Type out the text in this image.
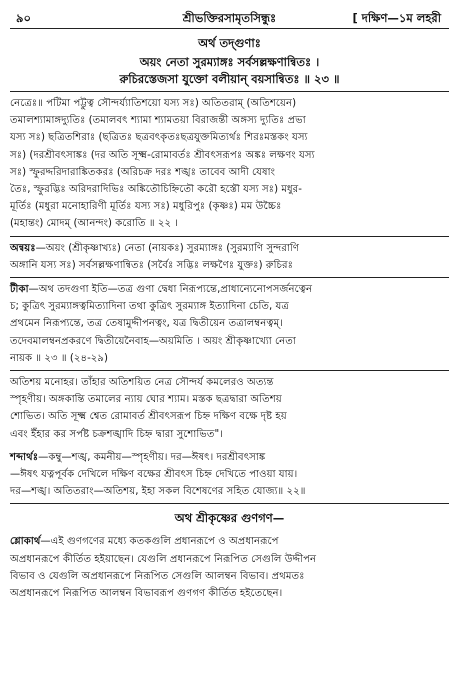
৯০	শ্রীভক্তিরসামৃতসিন্ধুঃ	[ দক্ষিণ—১ম লহরী
অর্থ তদ্‌গুণাঃ
অয়ং নেতা সুরম্যাঙ্গঃ সর্বসল্লক্ষণান্বিতঃ ।
রুচিরস্তেজসা যুক্তো বলীয়ান্ বয়সান্বিতঃ ॥ ২৩ ॥

নেত্রেঃ॥ পটিমা পট্টুত্ব সৌন্দর্য্যাতিশয়ো যস্য সঃ) অতিতরাম্ (অতিশয়েন)

তমালশ্যামাঙ্গদ্যুতিঃ (তমালবৎ শ্যামা শ্যামতয়া বিরাজন্তী অঙ্গস্য দ্যুতিঃ প্রভা

যস্য সঃ) ছত্রিতশিরাঃ (ছত্রিতঃ ছত্রবৎকৃতঃছত্রযুক্তমিত্যর্থঃ শিরঃমস্তকং যস্য

সঃ) (দরশ্রীবৎসাঙ্কঃ (দর অতি সূক্ষ্ম-রোমাবর্তঃ শ্রীবৎসরূপঃ অঙ্কঃ লক্ষণং যস্য

সঃ) স্ফুরদ্দরিদারাঙ্কিতকরঃ (অরিচক্র দরঃ শঙ্খঃ তাবেব আদী যেষাং

তৈঃ, স্ফুরদ্ভিঃ অরিদরাদিভিঃ অঙ্কিতৌচিহ্নিতৌ করৌ হস্তৌ যস্য সঃ) মধুর-

মূর্তিঃ (মধুরা মনোহারিণী মূর্তিঃ যস্য সঃ) মধুরিপুঃ (কৃষ্ণঃ) মম উচ্চৈঃ

(মহান্তং) মোদম্ (আনন্দং) করোতি ॥ ২২ ।

অন্বয়ঃ—অয়ং (শ্রীকৃষ্ণাখ্যঃ) নেতা (নায়কঃ) সুরম্যাঙ্গঃ (সুরম্যাণি সুন্দরাণি

অঙ্গানি যস্য সঃ) সর্বসল্লক্ষণান্বিতঃ (সর্বৈঃ সদ্ভিঃ লক্ষণৈঃ যুক্তঃ) রুচিরঃ

টীকা—অথ তদগুণা ইতি—তত্র গুণা দ্বেধা নিরূপ্যন্তে,প্রাধান্যেনোপসর্জনত্বেন

চ; কুত্রিৎ সুরম্যাঙ্গত্বমিত্যাদিনা তথা কুত্রিৎ সুরম্যাঙ্গ ইত্যাদিনা চেতি, যত্র

প্রথমেন নিরূপ্যন্তে, তত্র তেষামুদ্দীপনত্বং, যত্র দ্বিতীয়েন তত্রালম্বনত্বম্।

তদেবমালম্বনপ্রকরণে দ্বিতীয়েনৈবাহ—অয়মিতি । অয়ং শ্রীকৃষ্ণাখ্যো নেতা

নায়ক ॥ ২৩ ॥ (২৪-২৯)

অতিশয় মনোহর। তাঁহার অতিশয়িত নেত্র সৌন্দর্য কমলেরও অত্যন্ত

স্পৃহণীয়। অঙ্গকান্তি তমালের ন্যায় ঘোর শ্যাম। মস্তক ছত্রদ্বারা অতিশয়

শোভিত। অতি সূক্ষ্ম শ্বেত রোমাবর্ত শ্রীবৎসরূপ চিহ্ন দক্ষিণ বক্ষে দৃষ্ট হয়

এবং ইঁহার কর সর্পষ্ট চক্রশঙ্খাদি চিহ্ন দ্বারা সুশোভিত"।

শব্দার্থঃ—কম্বু—শঙ্খ, কমনীয়—স্পৃহণীয়। দর—ঈষৎ। দরশ্রীবৎসাঙ্ক

—ঈষৎ যত্নপূর্বক দেখিলে দক্ষিণ বক্ষের শ্রীবৎস চিহ্ন দেখিতে পাওয়া যায়।

দর—শঙ্খ। অতিতরাং—অতিশয়, ইহা সকল বিশেষণের সহিত যোজ্য॥ ২২॥

অথ শ্রীকৃষ্ণের গুণগণ—

শ্লোকার্থ—এই গুণগণের মধ্যে কতকগুলি প্রধানরূপে ও অপ্রধানরূপে

অপ্রধানরূপে কীর্তিত হইয়াছেন। যেগুলি প্রধানরূপে নিরূপিত সেগুলি উদ্দীপন

বিভাব ও যেগুলি অপ্রধানরূপে নিরূপিত সেগুলি আলম্বন বিভাব। প্রথমতঃ

অপ্রধানরূপে নিরূপিত আলম্বন বিভাবরূপ গুণগণ কীর্তিত হইতেছেন।
